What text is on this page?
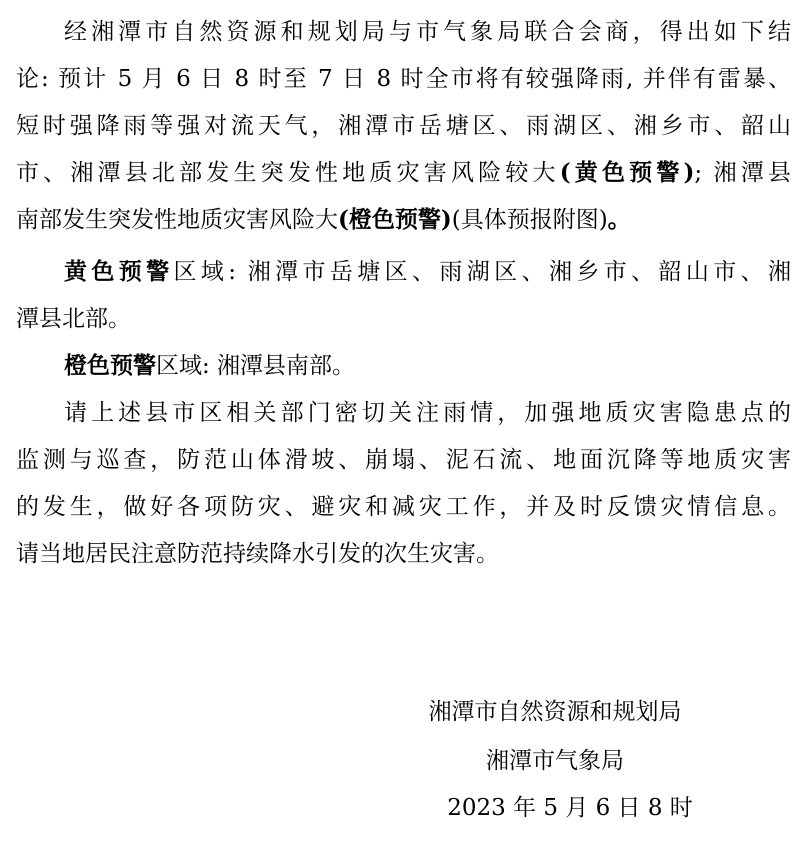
经湘潭市自然资源和规划局与市气象局联合会商，得出如下结
论: 预计 5 月 6 日 8 时至 7 日 8 时全市将有较强降雨, 并伴有雷暴、
短时强降雨等强对流天气，湘潭市岳塘区、雨湖区、湘乡市、韶山
市、湘潭县北部发生突发性地质灾害风险较大(黄色预警); 湘潭县
南部发生突发性地质灾害风险大(橙色预警)(具体预报附图)。
黄色预警区域: 湘潭市岳塘区、雨湖区、湘乡市、韶山市、湘
潭县北部。
橙色预警区域: 湘潭县南部。
请上述县市区相关部门密切关注雨情，加强地质灾害隐患点的
监测与巡查，防范山体滑坡、崩塌、泥石流、地面沉降等地质灾害
的发生，做好各项防灾、避灾和减灾工作，并及时反馈灾情信息。
请当地居民注意防范持续降水引发的次生灾害。
湘潭市自然资源和规划局
湘潭市气象局
2023 年 5 月 6 日 8 时
